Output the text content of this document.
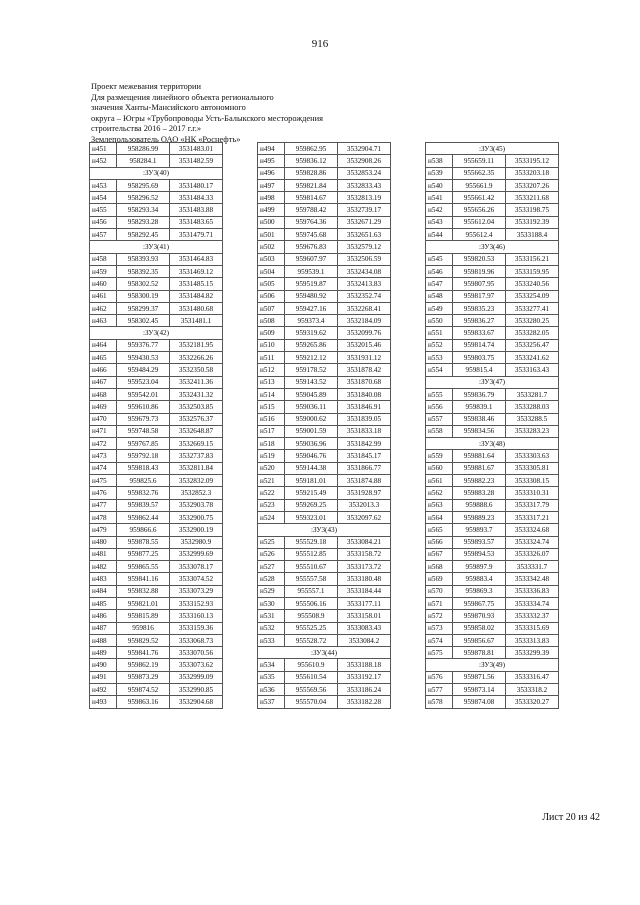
916
Проект межевания территории
Для размещения линейного объекта регионального
значения Ханты-Мансийского автономного
округа – Югры «Трубопроводы Усть-Балыкского месторождения
строительства 2016 – 2017 г.г.»
Землепользователь ОАО «НК «Роснефть»
н451	958286.99	3531483.01
н452	958284.1	3531482.59
:ЗУ3(40)		
н453	958295.69	3531480.17
н454	958296.52	3531484.33
н455	958293.34	3531483.88
н456	958293.28	3531483.65
н457	958292.45	3531479.71
:ЗУ3(41)		
н458	958393.93	3531464.83
н459	958392.35	3531469.12
н460	958302.52	3531485.15
н461	958300.19	3531484.82
н462	958299.37	3531480.68
н463	958302.45	3531481.1
:ЗУ3(42)		
н464	959376.77	3532181.95
н465	959430.53	3532266.26
н466	959484.29	3532350.58
н467	959523.04	3532411.36
н468	959542.01	3532431.32
н469	959610.86	3532503.85
н470	959679.73	3532576.37
н471	959748.58	3532648.87
н472	959767.85	3532669.15
н473	959792.18	3532737.83
н474	959818.43	3532811.84
н475	959825.6	3532832.09
н476	959832.76	3532852.3
н477	959839.57	3532903.78
н478	959862.44	3532900.75
н479	959866.6	3532900.19
н480	959878.55	3532980.9
н481	959877.25	3532999.69
н482	959865.55	3533078.17
н483	959841.16	3533074.52
н484	959832.88	3533073.29
н485	959821.01	3533152.93
н486	959815.89	3533160.13
н487	959816	3533159.36
н488	959829.52	3533068.73
н489	959841.76	3533070.56
н490	959862.19	3533073.62
н491	959873.29	3532999.09
н492	959874.52	3532990.85
н493	959863.16	3532904.68
н494	959862.95	3532904.71
н495	959836.12	3532908.26
н496	959828.86	3532853.24
н497	959821.84	3532833.43
н498	959814.67	3532813.19
н499	959788.42	3532739.17
н500	959764.36	3532671.29
н501	959745.68	3532651.63
н502	959676.83	3532579.12
н503	959607.97	3532506.59
н504	959539.1	3532434.08
н505	959519.87	3532413.83
н506	959480.92	3532352.74
н507	959427.16	3532268.41
н508	959373.4	3532184.09
н509	959319.62	3532099.76
н510	959265.86	3532015.46
н511	959212.12	3531931.12
н512	959178.52	3531878.42
н513	959143.52	3531870.68
н514	959045.89	3531840.08
н515	959036.11	3531846.91
н516	959000.62	3531839.05
н517	959001.59	3531833.18
н518	959036.96	3531842.99
н519	959046.76	3531845.17
н520	959144.38	3531866.77
н521	959181.01	3531874.88
н522	959215.49	3531928.97
н523	959269.25	3532013.3
н524	959323.01	3532097.62
:ЗУ3(43)		
н525	955529.18	3533084.21
н526	955512.85	3533158.72
н527	955510.67	3533173.72
н528	955557.58	3533180.48
н529	955557.1	3533184.44
н530	955506.16	3533177.11
н531	955508.9	3533158.01
н532	955525.25	3533083.43
н533	955528.72	3533084.2
:ЗУ3(44)		
н534	955610.9	3533188.18
н535	955610.54	3533192.17
н536	955569.56	3533186.24
н537	955570.04	3533182.28
:ЗУ3(45)		
н538	955659.11	3533195.12
н539	955662.35	3533203.18
н540	955661.9	3533207.26
н541	955661.42	3533211.68
н542	955656.26	3533198.75
н543	955612.04	3533192.39
н544	955612.4	3533188.4
:ЗУ3(46)		
н545	959820.53	3533156.21
н546	959819.96	3533159.95
н547	959807.95	3533240.56
н548	959817.97	3533254.09
н549	959835.23	3533277.41
н550	959836.27	3533280.25
н551	959833.67	3533282.05
н552	959814.74	3533256.47
н553	959803.75	3533241.62
н554	959815.4	3533163.43
:ЗУ3(47)		
н555	959836.79	3533281.7
н556	959839.1	3533288.03
н557	959838.46	3533288.5
н558	959834.56	3533283.23
:ЗУ3(48)		
н559	959881.64	3533303.63
н560	959881.67	3533305.81
н561	959882.23	3533308.15
н562	959883.28	3533310.31
н563	959888.6	3533317.79
н564	959889.23	3533317.21
н565	959893.7	3533324.68
н566	959893.57	3533324.74
н567	959894.53	3533326.07
н568	959897.9	3533331.7
н569	959883.4	3533342.48
н570	959869.3	3533336.83
н571	959867.75	3533334.74
н572	959870.93	3533332.37
н573	959858.02	3533315.69
н574	959856.67	3533313.83
н575	959878.81	3533299.39
:ЗУ3(49)		
н576	959871.56	3533316.47
н577	959873.14	3533318.2
н578	959874.08	3533320.27
Лист 20 из 42
